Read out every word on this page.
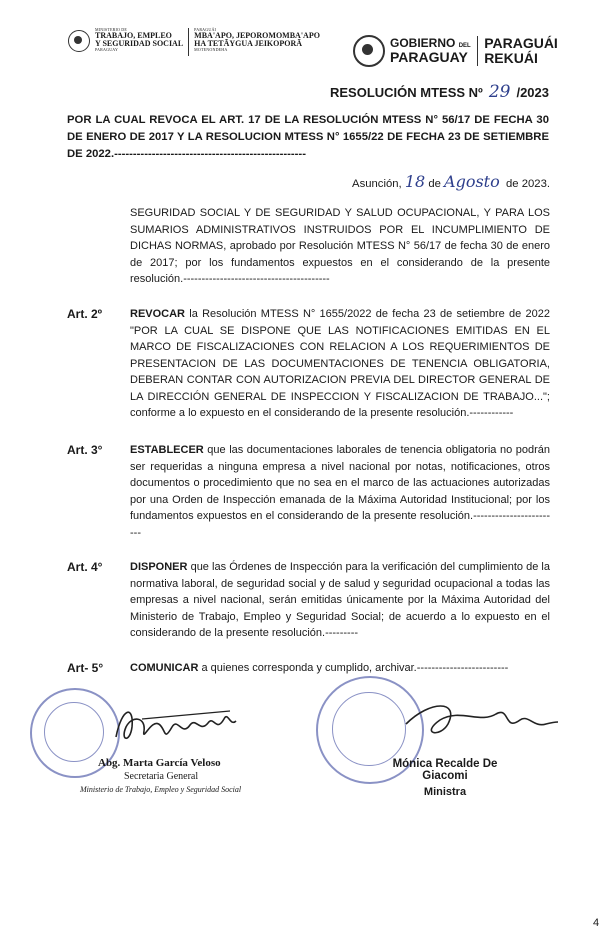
MINISTERIO DE
TRABAJO, EMPLEO
Y SEGURIDAD SOCIAL
PARAGUAY
PARAGUÁI
MBA'APO, JEPOROMOMBA'APO
HA TETÃYGUA JEIKOPORÃ
MOTENONDEHA	GOBIERNO DEL
PARAGUAY
PARAGUÁI
REKUÁI
RESOLUCIÓN MTESS Nº 29 /2023
POR LA CUAL REVOCA EL ART. 17 DE LA RESOLUCIÓN MTESS N° 56/17 DE FECHA 30 DE ENERO DE 2017 Y LA RESOLUCION MTESS N° 1655/22 DE FECHA 23 DE SETIEMBRE DE 2022.---------------------------------------------------
Asunción, 18 de Agosto de 2023.
SEGURIDAD SOCIAL Y DE SEGURIDAD Y SALUD OCUPACIONAL, Y PARA LOS SUMARIOS ADMINISTRATIVOS INSTRUIDOS POR EL INCUMPLIMIENTO DE DICHAS NORMAS, aprobado por Resolución MTESS N° 56/17 de fecha 30 de enero de 2017; por los fundamentos expuestos en el considerando de la presente resolución.----------------------------------------
Art. 2º	REVOCAR la Resolución MTESS N° 1655/2022 de fecha 23 de setiembre de 2022 "POR LA CUAL SE DISPONE QUE LAS NOTIFICACIONES EMITIDAS EN EL MARCO DE FISCALIZACIONES CON RELACION A LOS REQUERIMIENTOS DE PRESENTACION DE LAS DOCUMENTACIONES DE TENENCIA OBLIGATORIA, DEBERAN CONTAR CON AUTORIZACION PREVIA DEL DIRECTOR GENERAL DE LA DIRECCIÓN GENERAL DE INSPECCION Y FISCALIZACION DE TRABAJO..."; conforme a lo expuesto en el considerando de la presente resolución.------------
Art. 3°	ESTABLECER que las documentaciones laborales de tenencia obligatoria no podrán ser requeridas a ninguna empresa a nivel nacional por notas, notificaciones, otros documentos o procedimiento que no sea en el marco de las actuaciones autorizadas por una Orden de Inspección emanada de la Máxima Autoridad Institucional; por los fundamentos expuestos en el considerando de la presente resolución.------------------------
Art. 4°	DISPONER que las Órdenes de Inspección para la verificación del cumplimiento de la normativa laboral, de seguridad social y de salud y seguridad ocupacional a todas las empresas a nivel nacional, serán emitidas únicamente por la Máxima Autoridad del Ministerio de Trabajo, Empleo y Seguridad Social; de acuerdo a lo expuesto en el considerando de la presente resolución.---------
Art- 5° COMUNICAR a quienes corresponda y cumplido, archivar.-------------------------
Abg. Marta García Veloso
Secretaria General
Ministerio de Trabajo, Empleo y Seguridad Social
Mónica Recalde De Giacomi
Ministra
4
